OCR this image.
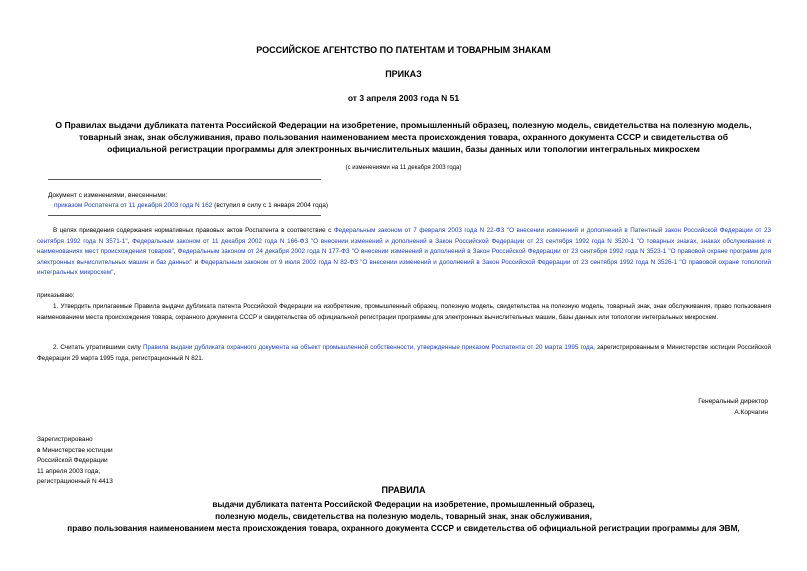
РОССИЙСКОЕ АГЕНТСТВО ПО ПАТЕНТАМ И ТОВАРНЫМ ЗНАКАМ
ПРИКАЗ
от 3 апреля 2003 года N 51
О Правилах выдачи дубликата патента Российской Федерации на изобретение, промышленный образец, полезную модель, свидетельства на полезную модель,
товарный знак, знак обслуживания, право пользования наименованием места происхождения товара, охранного документа СССР и свидетельства об
официальной регистрации программы для электронных вычислительных машин, базы данных или топологии интегральных микросхем
(с изменениями на 11 декабря 2003 года)
Документ с изменениями, внесенными:
приказом Роспатента от 11 декабря 2003 года N 162 (вступил в силу с 1 января 2004 года)
В целях приведения содержания нормативных правовых актов Роспатента в соответствие с Федеральным законом от 7 февраля 2003 года N 22-ФЗ "О внесении изменений и дополнений в Патентный закон Российской Федерации от 23 сентября 1992 года N 3571-1", Федеральным законом от 11 декабря 2002 года N 166-ФЗ "О внесении изменений и дополнений в Закон Российской Федерации от 23 сентября 1992 года N 3520-1 "О товарных знаках, знаках обслуживания и наименованиях мест происхождения товаров", Федеральным законом от 24 декабря 2002 года N 177-ФЗ "О внесении изменений и дополнений в Закон Российской Федерации от 23 сентября 1992 года N 3523-1 "О правовой охране программ для электронных вычислительных машин и баз данных" и Федеральным законом от 9 июля 2002 года N 82-ФЗ "О внесении изменений и дополнений в Закон Российской Федерации от 23 сентября 1992 года N 3526-1 "О правовой охране топологий интегральных микросхем",
приказываю:
1. Утвердить прилагаемые Правила выдачи дубликата патента Российской Федерации на изобретение, промышленный образец, полезную модель, свидетельства на полезную модель, товарный знак, знак обслуживания, право пользования наименованием места происхождения товара, охранного документа СССР и свидетельства об официальной регистрации программы для электронных вычислительных машин, базы данных или топологии интегральных микросхем.
2. Считать утратившими силу Правила выдачи дубликата охранного документа на объект промышленной собственности, утвержденные приказом Роспатента от 20 марта 1995 года, зарегистрированным в Министерстве юстиции Российской Федерации 29 марта 1995 года, регистрационный N 821.
Генеральный директор
А.Корчагин
Зарегистрировано
в Министерстве юстиции
Российской Федерации
11 апреля 2003 года,
регистрационный N 4413
ПРАВИЛА
выдачи дубликата патента Российской Федерации на изобретение, промышленный образец,
полезную модель, свидетельства на полезную модель, товарный знак, знак обслуживания,
право пользования наименованием места происхождения товара, охранного документа СССР и свидетельства об официальной регистрации программы для ЭВМ,
